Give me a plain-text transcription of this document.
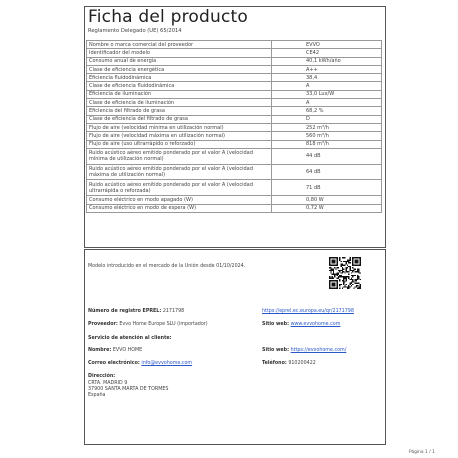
Ficha del producto
Reglamento Delegado (UE) 65/2014
Nombre o marca comercial del proveedor	EVVO
Identificador del modelo	CE42
Consumo anual de energía	40,1 kWh/año
Clase de eficiencia energética	A++
Eficiencia fluidodinámica	38,4
Clase de eficiencia fluidodinámica	A
Eficiencia de iluminación	33,0 Lux/W
Clase de eficiencia de iluminación	A
Eficiencia del filtrado de grasa	68,2 %
Clase de eficiencia del filtrado de grasa	D
Flujo de aire (velocidad mínima en utilización normal)	252 m³/h
Flujo de aire (velocidad máxima en utilización normal)	560 m³/h
Flujo de aire (uso ultrarrápido o reforzado)	818 m³/h
Ruido acústico aéreo emitido ponderado por el valor A (velocidad mínima de utilización normal)	44 dB
Ruido acústico aéreo emitido ponderado por el valor A (velocidad máxima de utilización normal)	64 dB
Ruido acústico aéreo emitido ponderado por el valor A (velocidad ultrarrápida o reforzada)	71 dB
Consumo eléctrico en modo apagado (W)	0,80 W
Consumo eléctrico en modo de espera (W)	0,72 W
Modelo introducido en el mercado de la Unión desde 01/10/2024.
Número de registro EPREL: 2171798	https://eprel.ec.europa.eu/qr/2171798
Proveedor: Evvo Home Europe SLU (importador)	Sitio web: www.evvohome.com
Servicio de atención al cliente:
Nombre: EVVO HOME	Sitio web: https://evvohome.com/
Correo electrónico: info@evvohome.com	Teléfono: 910200422
Dirección:
CRTA. MADRID 9
37900 SANTA MARTA DE TORMES
España
Página 1 / 1
